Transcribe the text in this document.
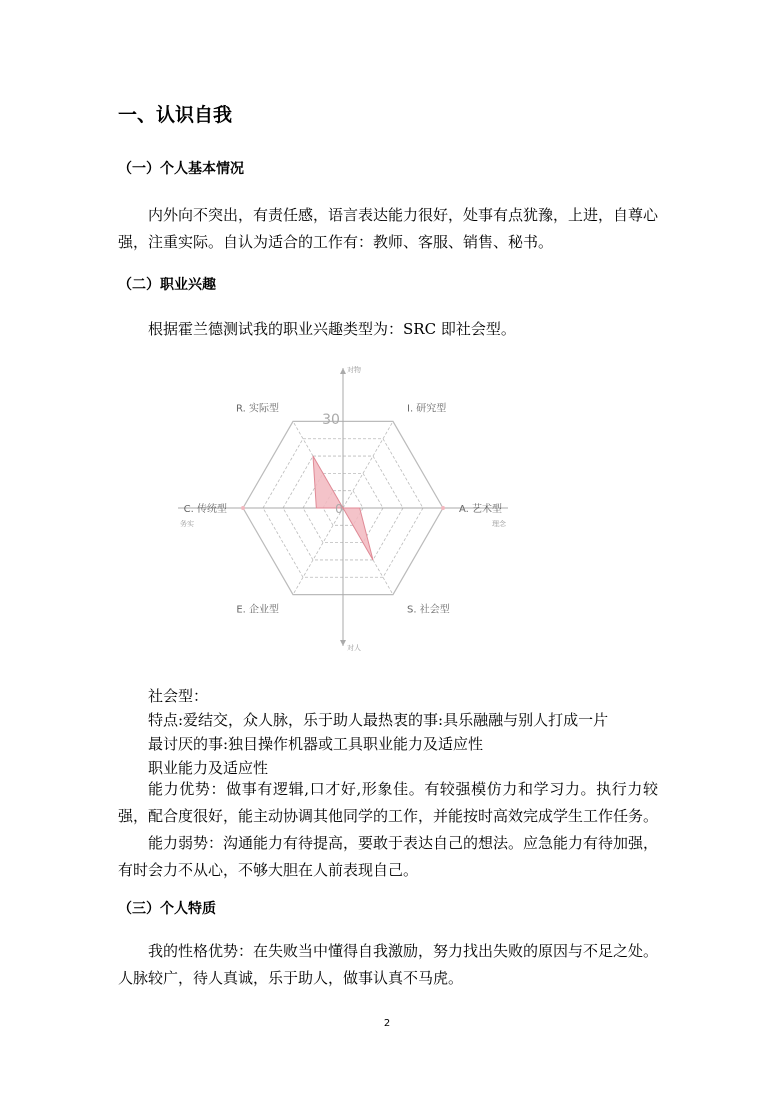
一、认识自我
（一）个人基本情况
内外向不突出，有责任感，语言表达能力很好，处事有点犹豫，上进，自尊心强，注重实际。自认为适合的工作有：教师、客服、销售、秘书。
（二）职业兴趣
根据霍兰德测试我的职业兴趣类型为：SRC 即社会型。
R. 实际型	I. 研究型
A. 艺术型
S. 社会型
E. 企业型
C. 传统型
30
0
对物
对人
务实	理念
社会型：
特点:爱结交，众人脉，乐于助人最热衷的事:具乐融融与别人打成一片
最讨厌的事:独目操作机器或工具职业能力及适应性
职业能力及适应性
能力优势：做事有逻辑,口才好,形象佳。有较强模仿力和学习力。执行力较强，配合度很好，能主动协调其他同学的工作，并能按时高效完成学生工作任务。
能力弱势：沟通能力有待提高，要敢于表达自己的想法。应急能力有待加强，有时会力不从心，不够大胆在人前表现自己。
（三）个人特质
我的性格优势：在失败当中懂得自我激励，努力找出失败的原因与不足之处。人脉较广，待人真诚，乐于助人，做事认真不马虎。
2
